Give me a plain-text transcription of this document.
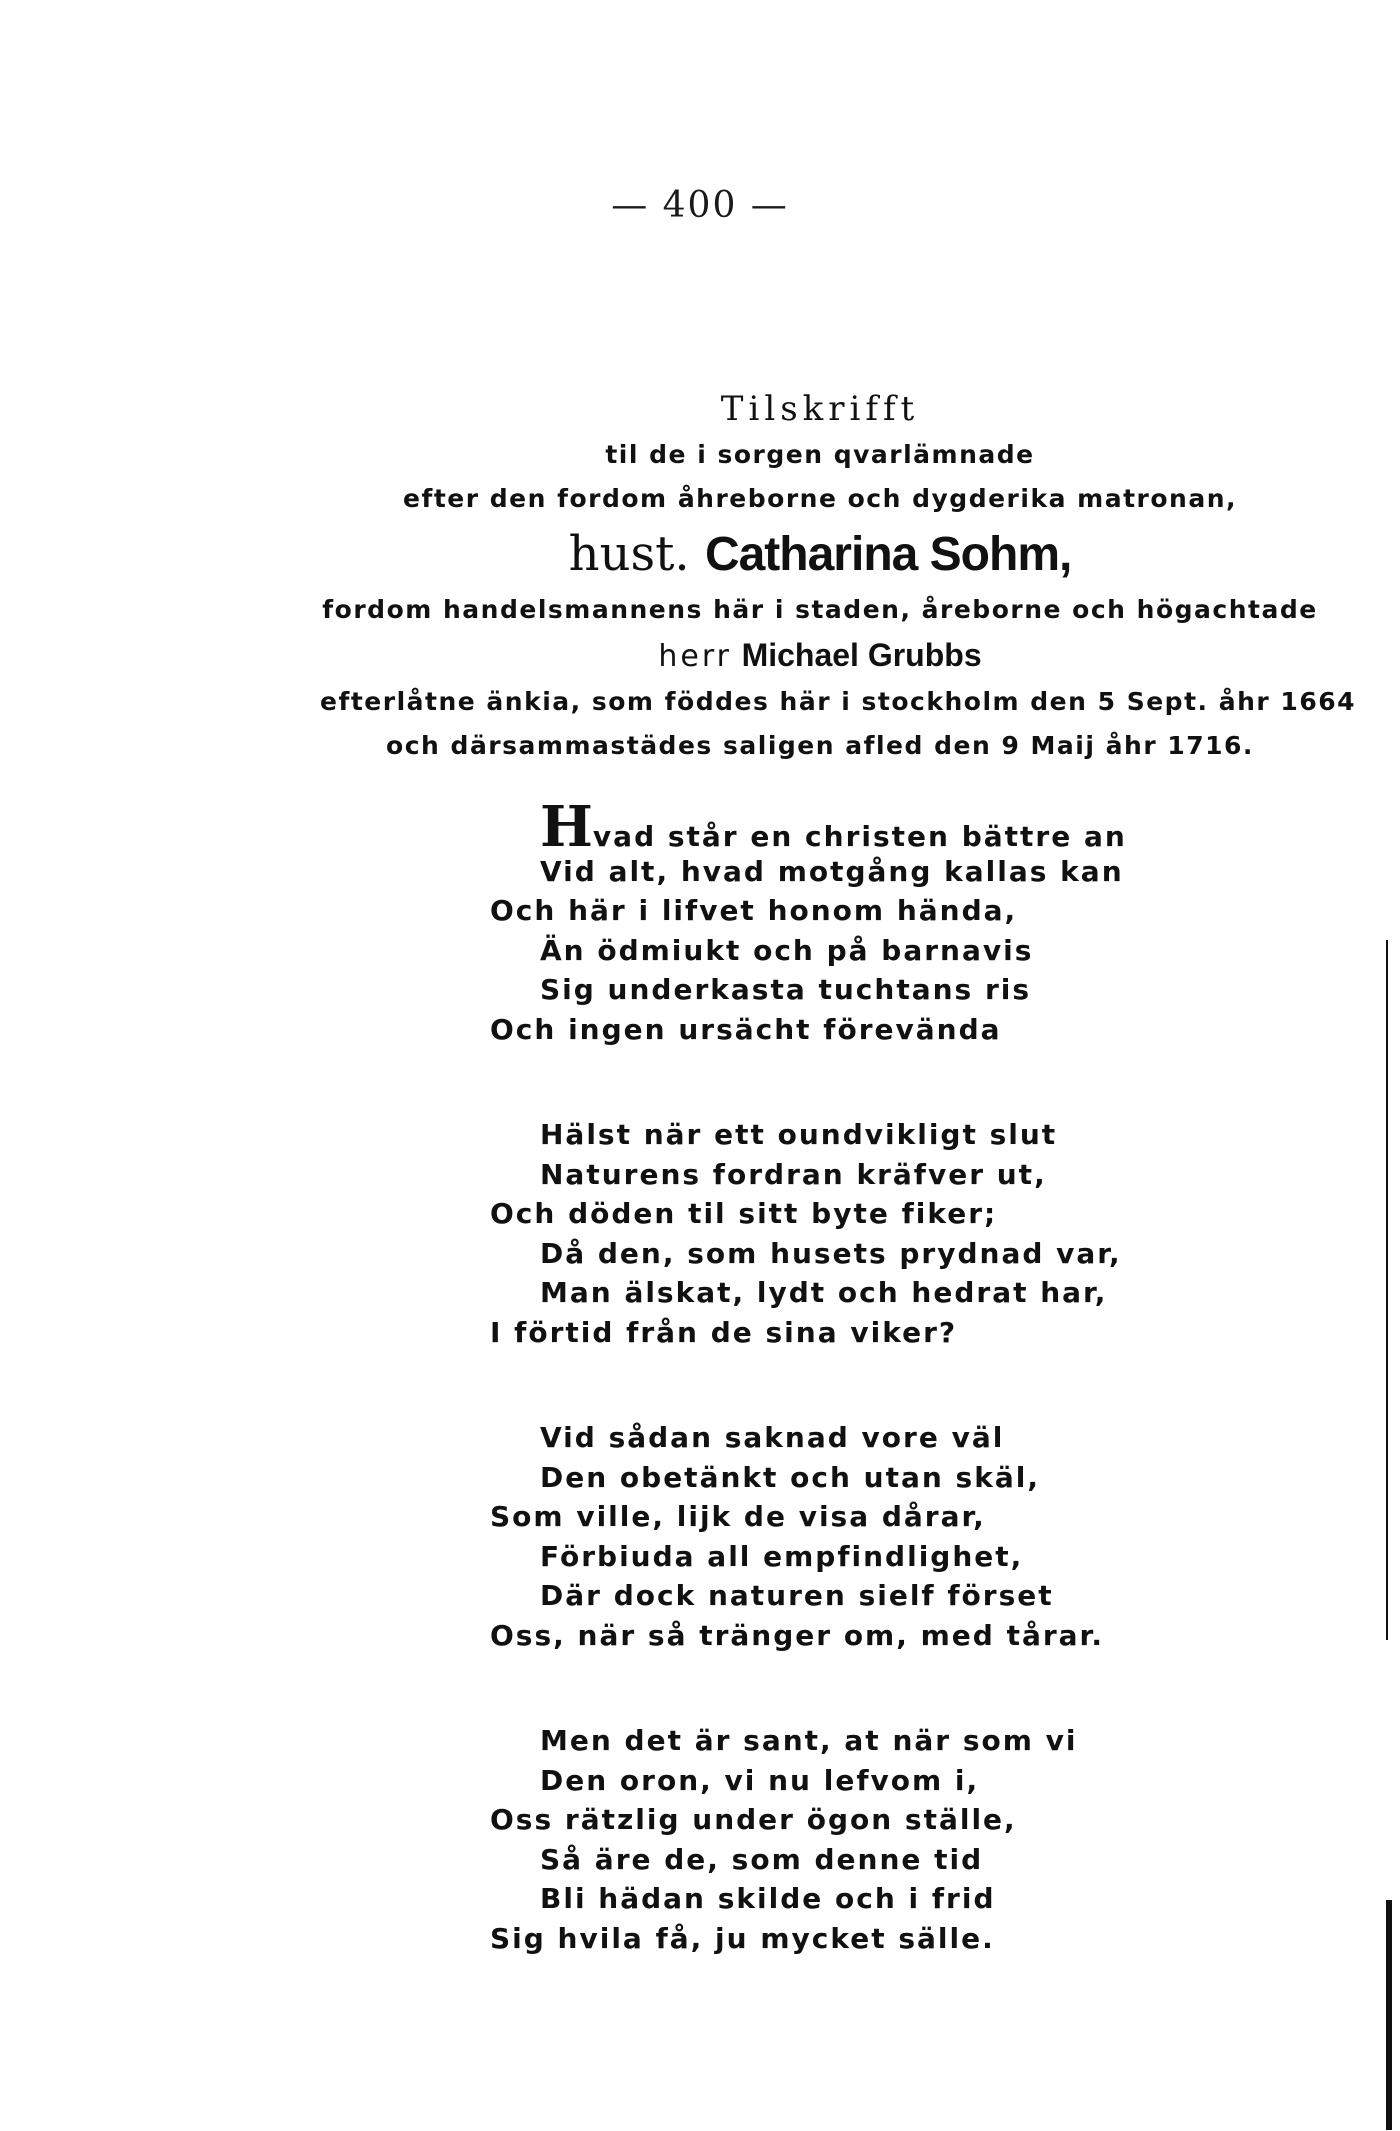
— 400 —
Tilskrifft
til de i sorgen qvarlämnade
efter den fordom åhreborne och dygderika matronan,
hust. Catharina Sohm,
fordom handelsmannens här i staden, åreborne och högachtade
herr Michael Grubbs
efterlåtne änkia, som föddes här i stockholm den 5 Sept. åhr 1664
och därsammastädes saligen afled den 9 Maij åhr 1716.
Hvad står en christen bättre an
Vid alt, hvad motgång kallas kan
Och här i lifvet honom hända,
Än ödmiukt och på barnavis
Sig underkasta tuchtans ris
Och ingen ursächt förevända
Hälst när ett oundvikligt slut
Naturens fordran kräfver ut,
Och döden til sitt byte fiker;
Då den, som husets prydnad var,
Man älskat, lydt och hedrat har,
I förtid från de sina viker?
Vid sådan saknad vore väl
Den obetänkt och utan skäl,
Som ville, lijk de visa dårar,
Förbiuda all empfindlighet,
Där dock naturen sielf förset
Oss, när så tränger om, med tårar.
Men det är sant, at när som vi
Den oron, vi nu lefvom i,
Oss rätzlig under ögon ställe,
Så äre de, som denne tid
Bli hädan skilde och i frid
Sig hvila få, ju mycket sälle.
